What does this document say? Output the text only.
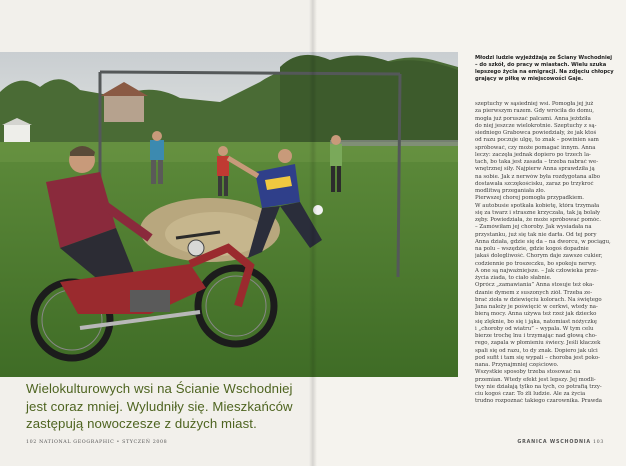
Młodzi ludzie wyjeżdżają ze Ściany Wschodniej
– do szkół, do pracy w miastach. Wielu szuka
lepszego życia na emigracji. Na zdjęciu chłopcy
grający w piłkę w miejscowości Gaje.
Wielokulturowych wsi na Ścianie Wschodniej
jest coraz mniej. Wyludniły się. Mieszkańców
zastępują nowoczesze z dużych miast.
szeptuchy w sąsiedniej wsi. Pomogła jej już
za pierwszym razem. Gdy wróciła do domu,
mogła już poruszać palcami. Anna jeździła
do niej jeszcze wielokrotnie. Szeptuchy z są-
siedniego Grabowca powiedziały, że jak ktoś
od razu poczuje ulgę, to znak – powinien sam
spróbować, czy może pomagać innym. Anna
leczy: zaczęła jednak dopiero po trzech la-
tach, bo taka jest zasada – trzeba nabrać we-
wnętrznej siły. Najpierw Anna sprawdziła ją
na sobie. Jak z nerwów była rozdygotana albo
dostawała szczękościsku, zaraz po trzykroć
modlitwą przeganiała zło.
Pierwszej chorej pomogła przypadkiem.
W autobusie spotkała kobietę, która trzymała
się za twarz i straszne krzyczała, tak ją bolały
zęby. Powiedziała, że może spróbować pomóc.
– Zamówiłam jej choroby. Jak wysiadała na
przystanku, już się tak nie darła. Od tej pory
Anna działa, gdzie się da – na dworcu, w pociągu,
na polu – wszędzie, gdzie kogoś dopadnie
jakaś dolegliwość. Chorym daje zawsze cukier,
codziennie po troszeczku, bo spokoju nerwy.
A one są najważniejsze. – Jak człowieka prze-
życia ziada, to ciało słabnie.
Oprócz „zamawiania” Anna stosuje też oka-
dzanie dymem z suszonych ziół. Trzeba ze-
brać zioła w dziewięciu kolorach. Na świętego
Jana należy je poświęcić w cerkwi, wtedy na-
bierą mocy. Anna używa też rzeź jak dziecko
się zlęknie, bo się i jąka, natomiast nóżyczkę
i „choroby od wiatru” – wypala. W tym celu
bierze trochę lnu i trzymając nad głową cho-
rego, zapala w płomieniu świecy. Jeśli kłaczek
spali się od razu, to dy znak. Dopiero jak ulci
pod sufit i tam się wypali – choroba jest poko-
nana. Przynajmniej częściowo.
Wszystkie sposoby trzeba stosować na
przemian. Wtedy efekt jest lepszy. Jej modli-
twy nie działają tylko na tych, co potrafią trzy-
ciu kogoś czar. To źli ludzie. Ale za życia
trudno rozpoznać takiego czarownika. Prawda
102 NATIONAL GEOGRAPHIC • STYCZEŃ 2008	GRANICA WSCHODNIA 103
